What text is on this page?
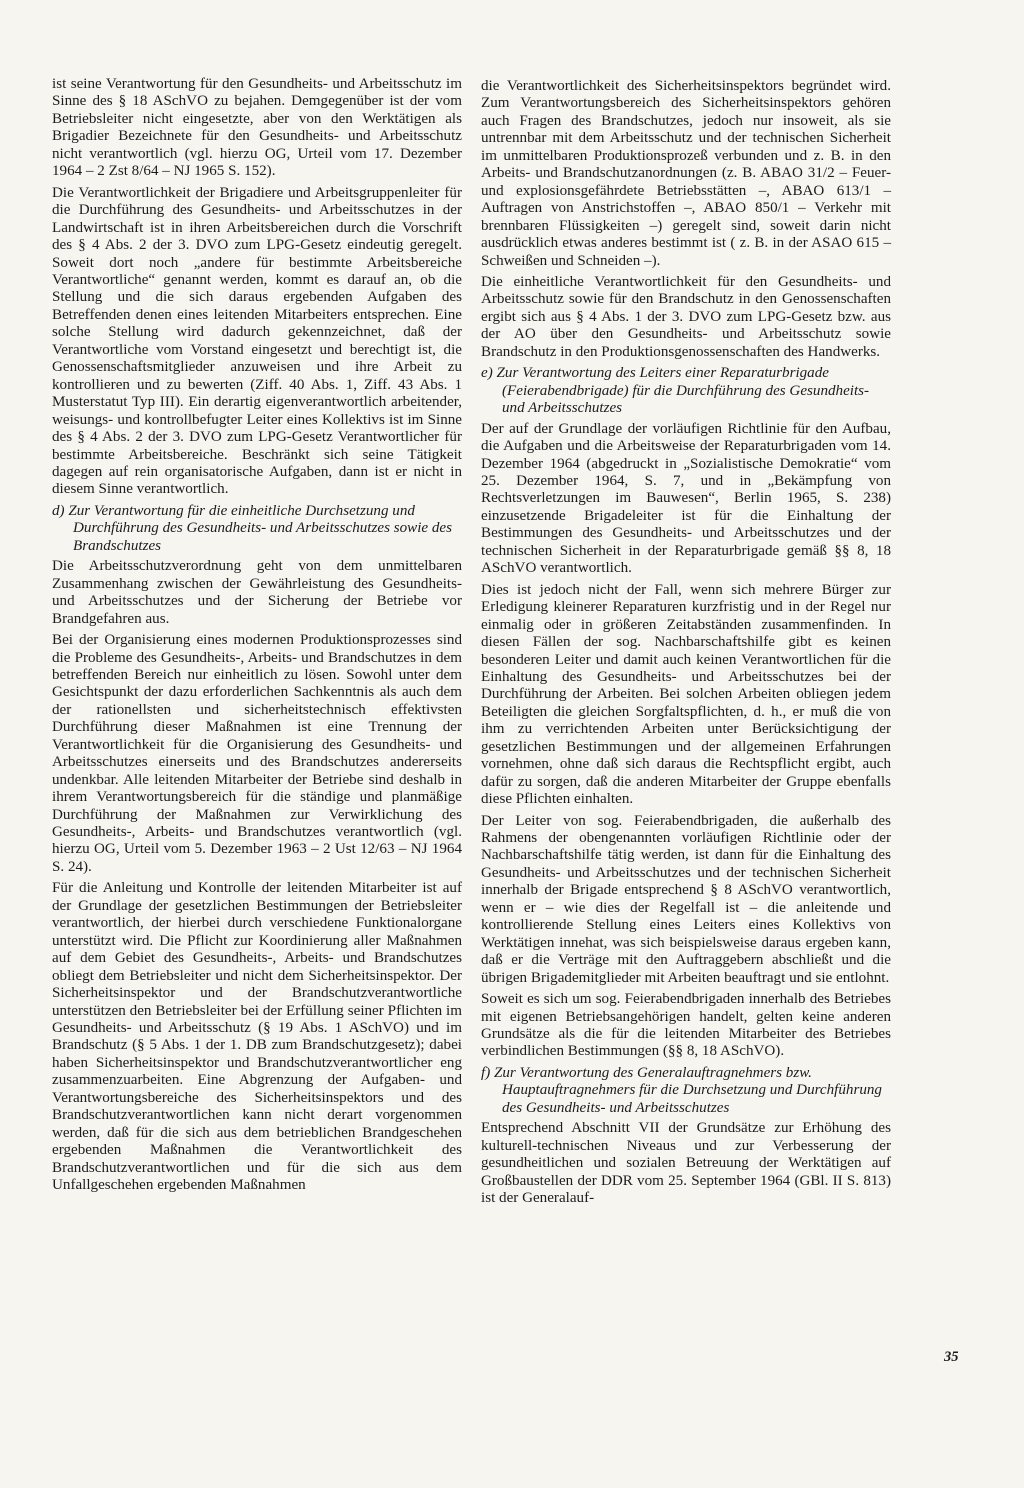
ist seine Verantwortung für den Gesundheits- und Arbeitsschutz im Sinne des § 18 ASchVO zu bejahen. Demgegenüber ist der vom Betriebsleiter nicht eingesetzte, aber von den Werktätigen als Brigadier Bezeichnete für den Gesundheits- und Arbeitsschutz nicht verantwortlich (vgl. hierzu OG, Urteil vom 17. Dezember 1964 – 2 Zst 8/64 – NJ 1965 S. 152).

Die Verantwortlichkeit der Brigadiere und Arbeitsgruppenleiter für die Durchführung des Gesundheits- und Arbeitsschutzes in der Landwirtschaft ist in ihren Arbeitsbereichen durch die Vorschrift des § 4 Abs. 2 der 3. DVO zum LPG-Gesetz eindeutig geregelt. Soweit dort noch „andere für bestimmte Arbeitsbereiche Verantwortliche“ genannt werden, kommt es darauf an, ob die Stellung und die sich daraus ergebenden Aufgaben des Betreffenden denen eines leitenden Mitarbeiters entsprechen. Eine solche Stellung wird dadurch gekennzeichnet, daß der Verantwortliche vom Vorstand eingesetzt und berechtigt ist, die Genossenschaftsmitglieder anzuweisen und ihre Arbeit zu kontrollieren und zu bewerten (Ziff. 40 Abs. 1, Ziff. 43 Abs. 1 Musterstatut Typ III). Ein derartig eigenverantwortlich arbeitender, weisungs- und kontrollbefugter Leiter eines Kollektivs ist im Sinne des § 4 Abs. 2 der 3. DVO zum LPG-Gesetz Verantwortlicher für bestimmte Arbeitsbereiche. Beschränkt sich seine Tätigkeit dagegen auf rein organisatorische Aufgaben, dann ist er nicht in diesem Sinne verantwortlich.

d) Zur Verantwortung für die einheitliche Durchsetzung und Durchführung des Gesundheits- und Arbeitsschutzes sowie des Brandschutzes

Die Arbeitsschutzverordnung geht von dem unmittelbaren Zusammenhang zwischen der Gewährleistung des Gesundheits- und Arbeitsschutzes und der Sicherung der Betriebe vor Brandgefahren aus.

Bei der Organisierung eines modernen Produktionsprozesses sind die Probleme des Gesundheits-, Arbeits- und Brandschutzes in dem betreffenden Bereich nur einheitlich zu lösen. Sowohl unter dem Gesichtspunkt der dazu erforderlichen Sachkenntnis als auch dem der rationellsten und sicherheitstechnisch effektivsten Durchführung dieser Maßnahmen ist eine Trennung der Verantwortlichkeit für die Organisierung des Gesundheits- und Arbeitsschutzes einerseits und des Brandschutzes andererseits undenkbar. Alle leitenden Mitarbeiter der Betriebe sind deshalb in ihrem Verantwortungsbereich für die ständige und planmäßige Durchführung der Maßnahmen zur Verwirklichung des Gesundheits-, Arbeits- und Brandschutzes verantwortlich (vgl. hierzu OG, Urteil vom 5. Dezember 1963 – 2 Ust 12/63 – NJ 1964 S. 24).

Für die Anleitung und Kontrolle der leitenden Mitarbeiter ist auf der Grundlage der gesetzlichen Bestimmungen der Betriebsleiter verantwortlich, der hierbei durch verschiedene Funktionalorgane unterstützt wird. Die Pflicht zur Koordinierung aller Maßnahmen auf dem Gebiet des Gesundheits-, Arbeits- und Brandschutzes obliegt dem Betriebsleiter und nicht dem Sicherheitsinspektor. Der Sicherheitsinspektor und der Brandschutzverantwortliche unterstützen den Betriebsleiter bei der Erfüllung seiner Pflichten im Gesundheits- und Arbeitsschutz (§ 19 Abs. 1 ASchVO) und im Brandschutz (§ 5 Abs. 1 der 1. DB zum Brandschutzgesetz); dabei haben Sicherheitsinspektor und Brandschutzverantwortlicher eng zusammenzuarbeiten. Eine Abgrenzung der Aufgaben- und Verantwortungsbereiche des Sicherheitsinspektors und des Brandschutzverantwortlichen kann nicht derart vorgenommen werden, daß für die sich aus dem betrieblichen Brandgeschehen ergebenden Maßnahmen die Verantwortlichkeit des Brandschutzverantwortlichen und für die sich aus dem Unfallgeschehen ergebenden Maßnahmen

die Verantwortlichkeit des Sicherheitsinspektors begründet wird. Zum Verantwortungsbereich des Sicherheitsinspektors gehören auch Fragen des Brandschutzes, jedoch nur insoweit, als sie untrennbar mit dem Arbeitsschutz und der technischen Sicherheit im unmittelbaren Produktionsprozeß verbunden und z. B. in den Arbeits- und Brandschutzanordnungen (z. B. ABAO 31/2 – Feuer- und explosionsgefährdete Betriebsstätten –, ABAO 613/1 – Auftragen von Anstrichstoffen –, ABAO 850/1 – Verkehr mit brennbaren Flüssigkeiten –) geregelt sind, soweit darin nicht ausdrücklich etwas anderes bestimmt ist ( z. B. in der ASAO 615 – Schweißen und Schneiden –).

Die einheitliche Verantwortlichkeit für den Gesundheits- und Arbeitsschutz sowie für den Brandschutz in den Genossenschaften ergibt sich aus § 4 Abs. 1 der 3. DVO zum LPG-Gesetz bzw. aus der AO über den Gesundheits- und Arbeitsschutz sowie Brandschutz in den Produktionsgenossenschaften des Handwerks.

e) Zur Verantwortung des Leiters einer Reparaturbrigade (Feierabendbrigade) für die Durchführung des Gesundheits- und Arbeitsschutzes

Der auf der Grundlage der vorläufigen Richtlinie für den Aufbau, die Aufgaben und die Arbeitsweise der Reparaturbrigaden vom 14. Dezember 1964 (abgedruckt in „Sozialistische Demokratie“ vom 25. Dezember 1964, S. 7, und in „Bekämpfung von Rechtsverletzungen im Bauwesen“, Berlin 1965, S. 238) einzusetzende Brigadeleiter ist für die Einhaltung der Bestimmungen des Gesundheits- und Arbeitsschutzes und der technischen Sicherheit in der Reparaturbrigade gemäß §§ 8, 18 ASchVO verantwortlich.

Dies ist jedoch nicht der Fall, wenn sich mehrere Bürger zur Erledigung kleinerer Reparaturen kurzfristig und in der Regel nur einmalig oder in größeren Zeitabständen zusammenfinden. In diesen Fällen der sog. Nachbarschaftshilfe gibt es keinen besonderen Leiter und damit auch keinen Verantwortlichen für die Einhaltung des Gesundheits- und Arbeitsschutzes bei der Durchführung der Arbeiten. Bei solchen Arbeiten obliegen jedem Beteiligten die gleichen Sorgfaltspflichten, d. h., er muß die von ihm zu verrichtenden Arbeiten unter Berücksichtigung der gesetzlichen Bestimmungen und der allgemeinen Erfahrungen vornehmen, ohne daß sich daraus die Rechtspflicht ergibt, auch dafür zu sorgen, daß die anderen Mitarbeiter der Gruppe ebenfalls diese Pflichten einhalten.

Der Leiter von sog. Feierabendbrigaden, die außerhalb des Rahmens der obengenannten vorläufigen Richtlinie oder der Nachbarschaftshilfe tätig werden, ist dann für die Einhaltung des Gesundheits- und Arbeitsschutzes und der technischen Sicherheit innerhalb der Brigade entsprechend § 8 ASchVO verantwortlich, wenn er – wie dies der Regelfall ist – die anleitende und kontrollierende Stellung eines Leiters eines Kollektivs von Werktätigen innehat, was sich beispielsweise daraus ergeben kann, daß er die Verträge mit den Auftraggebern abschließt und die übrigen Brigademitglieder mit Arbeiten beauftragt und sie entlohnt.

Soweit es sich um sog. Feierabendbrigaden innerhalb des Betriebes mit eigenen Betriebsangehörigen handelt, gelten keine anderen Grundsätze als die für die leitenden Mitarbeiter des Betriebes verbindlichen Bestimmungen (§§ 8, 18 ASchVO).

f) Zur Verantwortung des Generalauftragnehmers bzw. Hauptauftragnehmers für die Durchsetzung und Durchführung des Gesundheits- und Arbeitsschutzes

Entsprechend Abschnitt VII der Grundsätze zur Erhöhung des kulturell-technischen Niveaus und zur Verbesserung der gesundheitlichen und sozialen Betreuung der Werktätigen auf Großbaustellen der DDR vom 25. September 1964 (GBl. II S. 813) ist der Generalauf-

35
